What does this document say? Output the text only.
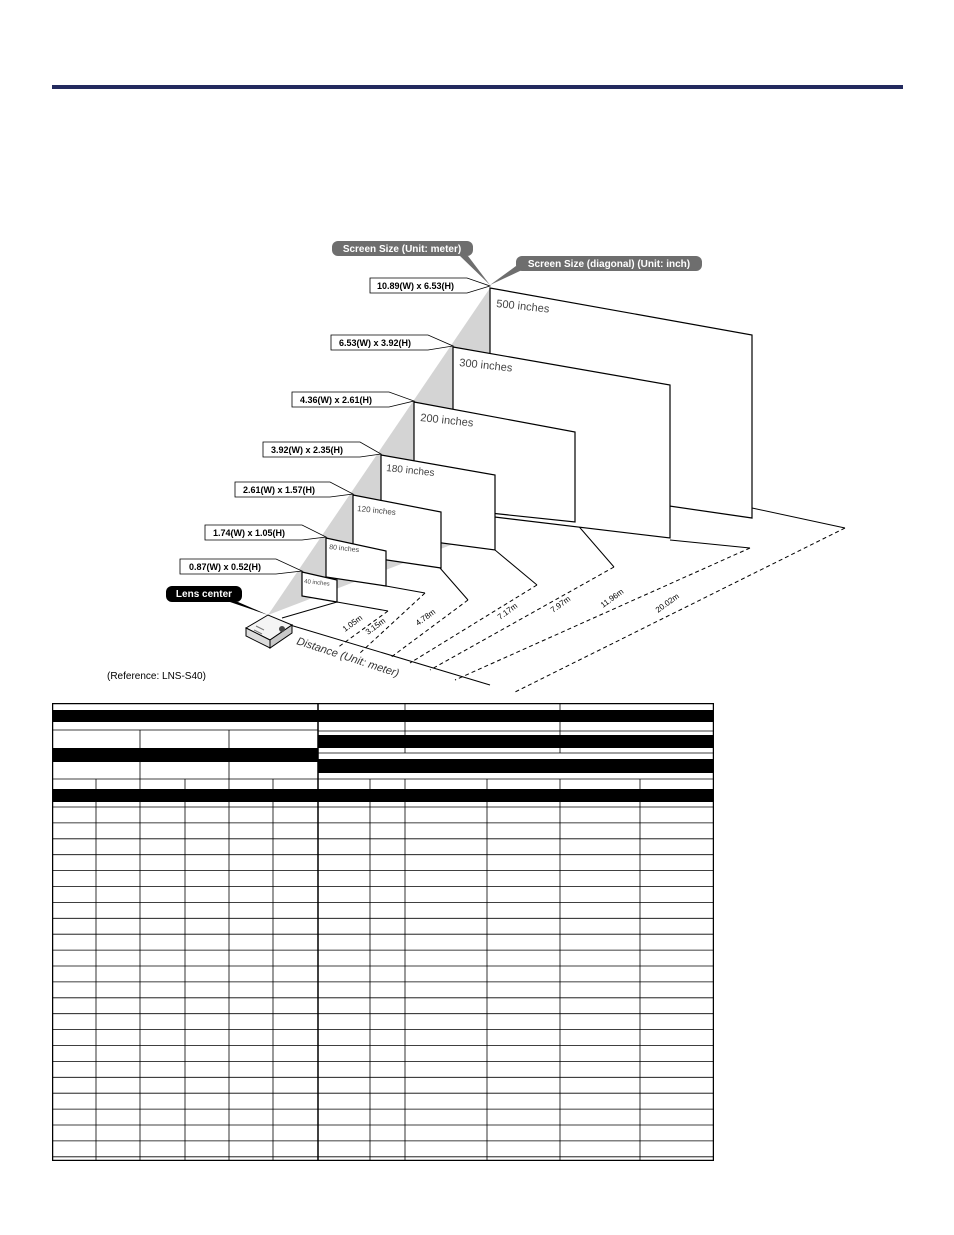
500 inches
300 inches
200 inches
180 inches
120 inches
80 inches
40 inches
1.05m 3.15m	4.78m	7.17m	7.97m	11.96m	20.02m
Distance (Unit: meter)
Lens center
Screen Size (Unit: meter)
Screen Size (diagonal) (Unit: inch)
10.89(W) x 6.53(H)
6.53(W) x 3.92(H)
4.36(W) x 2.61(H)
3.92(W) x 2.35(H)
2.61(W) x 1.57(H)
1.74(W) x 1.05(H)
0.87(W) x 0.52(H)
(Reference: LNS-S40)
